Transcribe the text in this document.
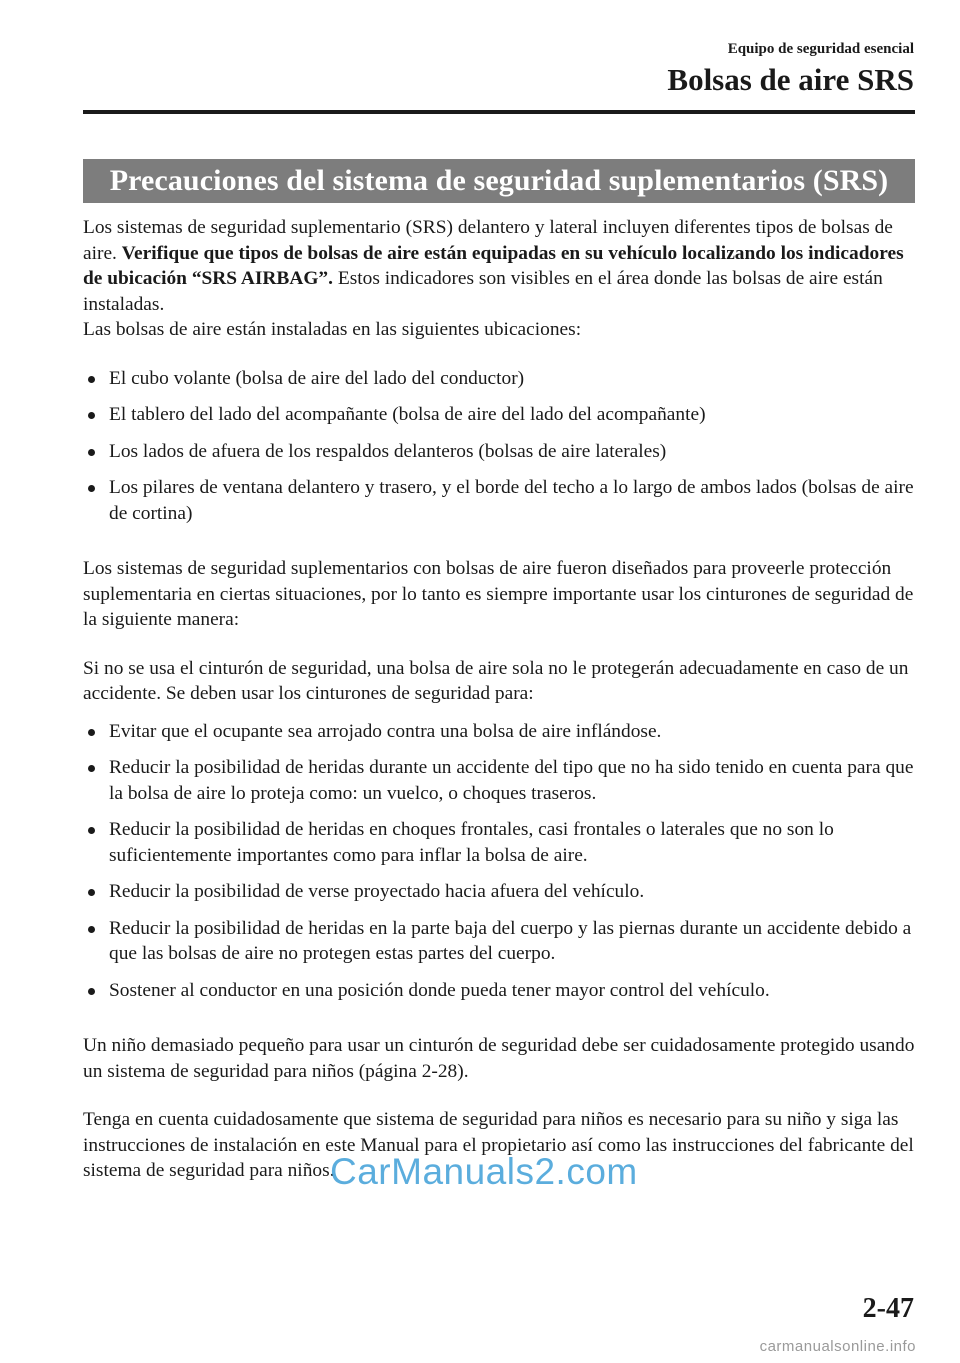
Equipo de seguridad esencial
Bolsas de aire SRS
Precauciones del sistema de seguridad suplementarios (SRS)

Los sistemas de seguridad suplementario (SRS) delantero y lateral incluyen diferentes tipos de bolsas de aire. Verifique que tipos de bolsas de aire están equipadas en su vehículo localizando los indicadores de ubicación “SRS AIRBAG”. Estos indicadores son visibles en el área donde las bolsas de aire están instaladas.

Las bolsas de aire están instaladas en las siguientes ubicaciones:

El cubo volante (bolsa de aire del lado del conductor)
El tablero del lado del acompañante (bolsa de aire del lado del acompañante)
Los lados de afuera de los respaldos delanteros (bolsas de aire laterales)
Los pilares de ventana delantero y trasero, y el borde del techo a lo largo de ambos lados (bolsas de aire de cortina)

Los sistemas de seguridad suplementarios con bolsas de aire fueron diseñados para proveerle protección suplementaria en ciertas situaciones, por lo tanto es siempre importante usar los cinturones de seguridad de la siguiente manera:

Si no se usa el cinturón de seguridad, una bolsa de aire sola no le protegerán adecuadamente en caso de un accidente. Se deben usar los cinturones de seguridad para:

Evitar que el ocupante sea arrojado contra una bolsa de aire inflándose.
Reducir la posibilidad de heridas durante un accidente del tipo que no ha sido tenido en cuenta para que la bolsa de aire lo proteja como: un vuelco, o choques traseros.
Reducir la posibilidad de heridas en choques frontales, casi frontales o laterales que no son lo suficientemente importantes como para inflar la bolsa de aire.
Reducir la posibilidad de verse proyectado hacia afuera del vehículo.
Reducir la posibilidad de heridas en la parte baja del cuerpo y las piernas durante un accidente debido a que las bolsas de aire no protegen estas partes del cuerpo.
Sostener al conductor en una posición donde pueda tener mayor control del vehículo.

Un niño demasiado pequeño para usar un cinturón de seguridad debe ser cuidadosamente protegido usando un sistema de seguridad para niños (página 2-28).

Tenga en cuenta cuidadosamente que sistema de seguridad para niños es necesario para su niño y siga las instrucciones de instalación en este Manual para el propietario así como las instrucciones del fabricante del sistema de seguridad para niños.

CarManuals2.com
2-47
carmanualsonline.info
